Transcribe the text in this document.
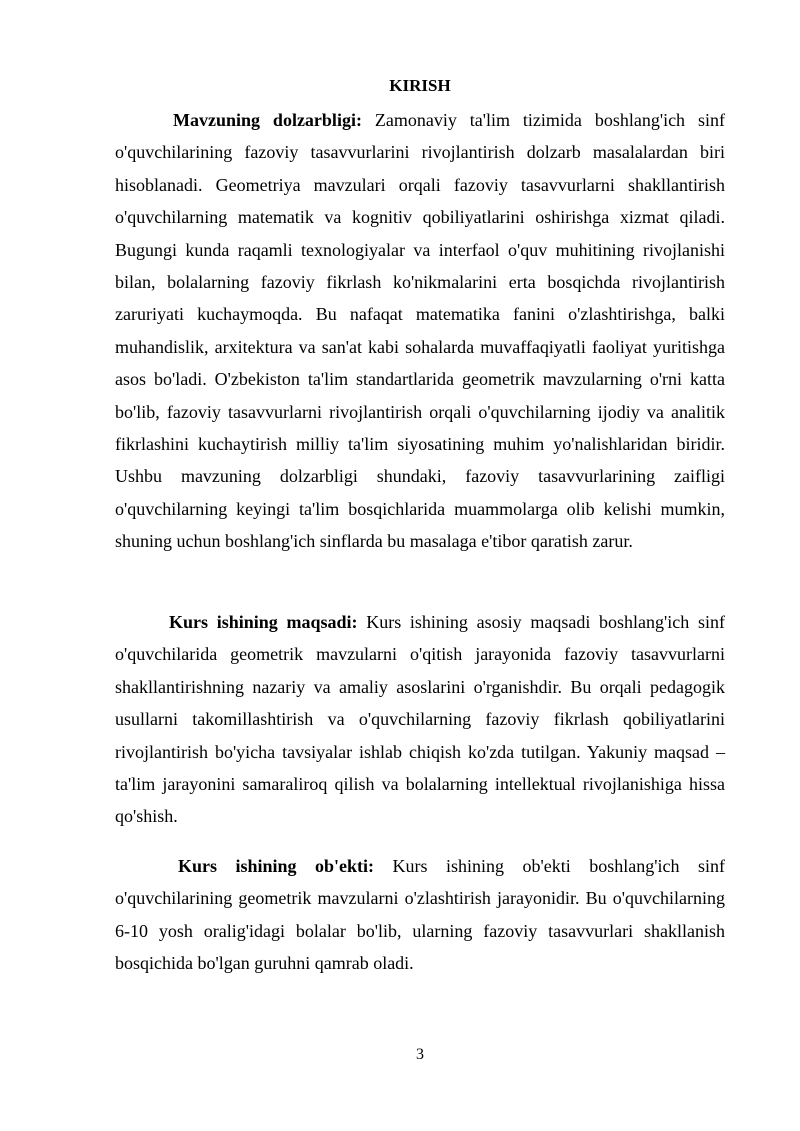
KIRISH

Mavzuning dolzarbligi: Zamonaviy ta'lim tizimida boshlang'ich sinf o'quvchilarining fazoviy tasavvurlarini rivojlantirish dolzarb masalalardan biri hisoblanadi. Geometriya mavzulari orqali fazoviy tasavvurlarni shakllantirish o'quvchilarning matematik va kognitiv qobiliyatlarini oshirishga xizmat qiladi. Bugungi kunda raqamli texnologiyalar va interfaol o'quv muhitining rivojlanishi bilan, bolalarning fazoviy fikrlash ko'nikmalarini erta bosqichda rivojlantirish zaruriyati kuchaymoqda. Bu nafaqat matematika fanini o'zlashtirishga, balki muhandislik, arxitektura va san'at kabi sohalarda muvaffaqiyatli faoliyat yuritishga asos bo'ladi. O'zbekiston ta'lim standartlarida geometrik mavzularning o'rni katta bo'lib, fazoviy tasavvurlarni rivojlantirish orqali o'quvchilarning ijodiy va analitik fikrlashini kuchaytirish milliy ta'lim siyosatining muhim yo'nalishlaridan biridir. Ushbu mavzuning dolzarbligi shundaki, fazoviy tasavvurlarining zaifligi o'quvchilarning keyingi ta'lim bosqichlarida muammolarga olib kelishi mumkin, shuning uchun boshlang'ich sinflarda bu masalaga e'tibor qaratish zarur.

Kurs ishining maqsadi: Kurs ishining asosiy maqsadi boshlang'ich sinf o'quvchilarida geometrik mavzularni o'qitish jarayonida fazoviy tasavvurlarni shakllantirishning nazariy va amaliy asoslarini o'rganishdir. Bu orqali pedagogik usullarni takomillashtirish va o'quvchilarning fazoviy fikrlash qobiliyatlarini rivojlantirish bo'yicha tavsiyalar ishlab chiqish ko'zda tutilgan. Yakuniy maqsad – ta'lim jarayonini samaraliroq qilish va bolalarning intellektual rivojlanishiga hissa qo'shish.

Kurs ishining ob'ekti: Kurs ishining ob'ekti boshlang'ich sinf o'quvchilarining geometrik mavzularni o'zlashtirish jarayonidir. Bu o'quvchilarning 6-10 yosh oralig'idagi bolalar bo'lib, ularning fazoviy tasavvurlari shakllanish bosqichida bo'lgan guruhni qamrab oladi.

3
